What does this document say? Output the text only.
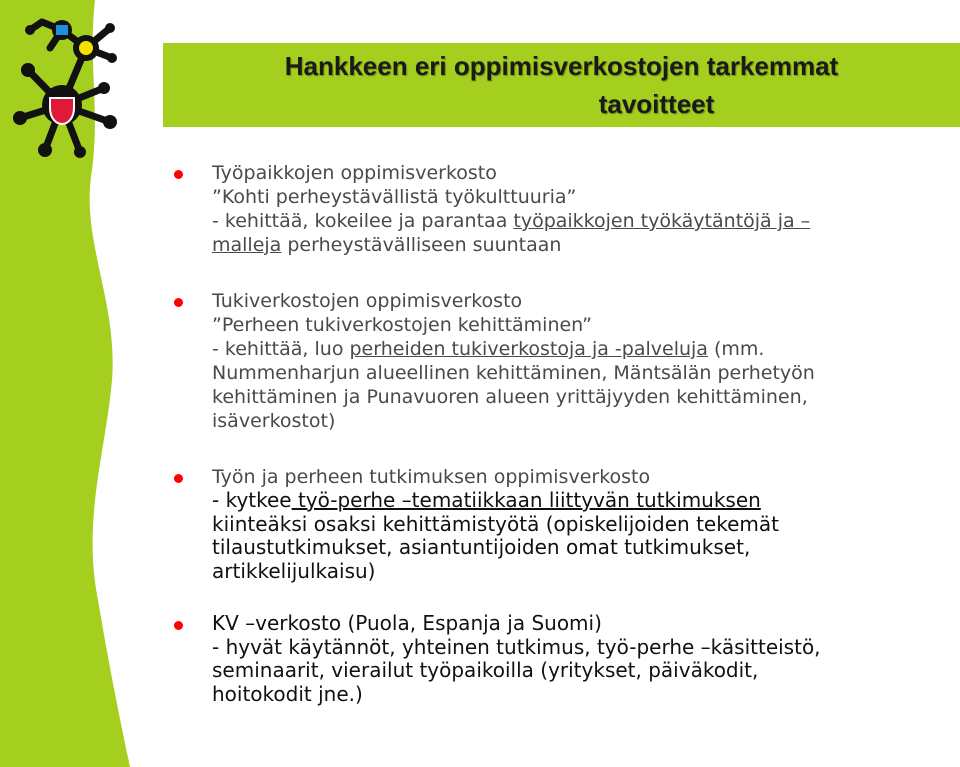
Hankkeen eri oppimisverkostojen tarkemmat
tavoitteet
Työpaikkojen oppimisverkosto
”Kohti perheystävällistä työkulttuuria”
- kehittää, kokeilee ja parantaa työpaikkojen työkäytäntöjä ja –
malleja perheystävälliseen suuntaan
Tukiverkostojen oppimisverkosto
”Perheen tukiverkostojen kehittäminen”
- kehittää, luo perheiden tukiverkostoja ja -palveluja (mm.
Nummenharjun alueellinen kehittäminen, Mäntsälän perhetyön
kehittäminen ja Punavuoren alueen yrittäjyyden kehittäminen,
isäverkostot)
Työn ja perheen tutkimuksen oppimisverkosto
- kytkee työ-perhe –tematiikkaan liittyvän tutkimuksen
kiinteäksi osaksi kehittämistyötä (opiskelijoiden tekemät
tilaustutkimukset, asiantuntijoiden omat tutkimukset,
artikkelijulkaisu)
KV –verkosto (Puola, Espanja ja Suomi)
- hyvät käytännöt, yhteinen tutkimus, työ-perhe –käsitteistö,
seminaarit, vierailut työpaikoilla (yritykset, päiväkodit,
hoitokodit jne.)
